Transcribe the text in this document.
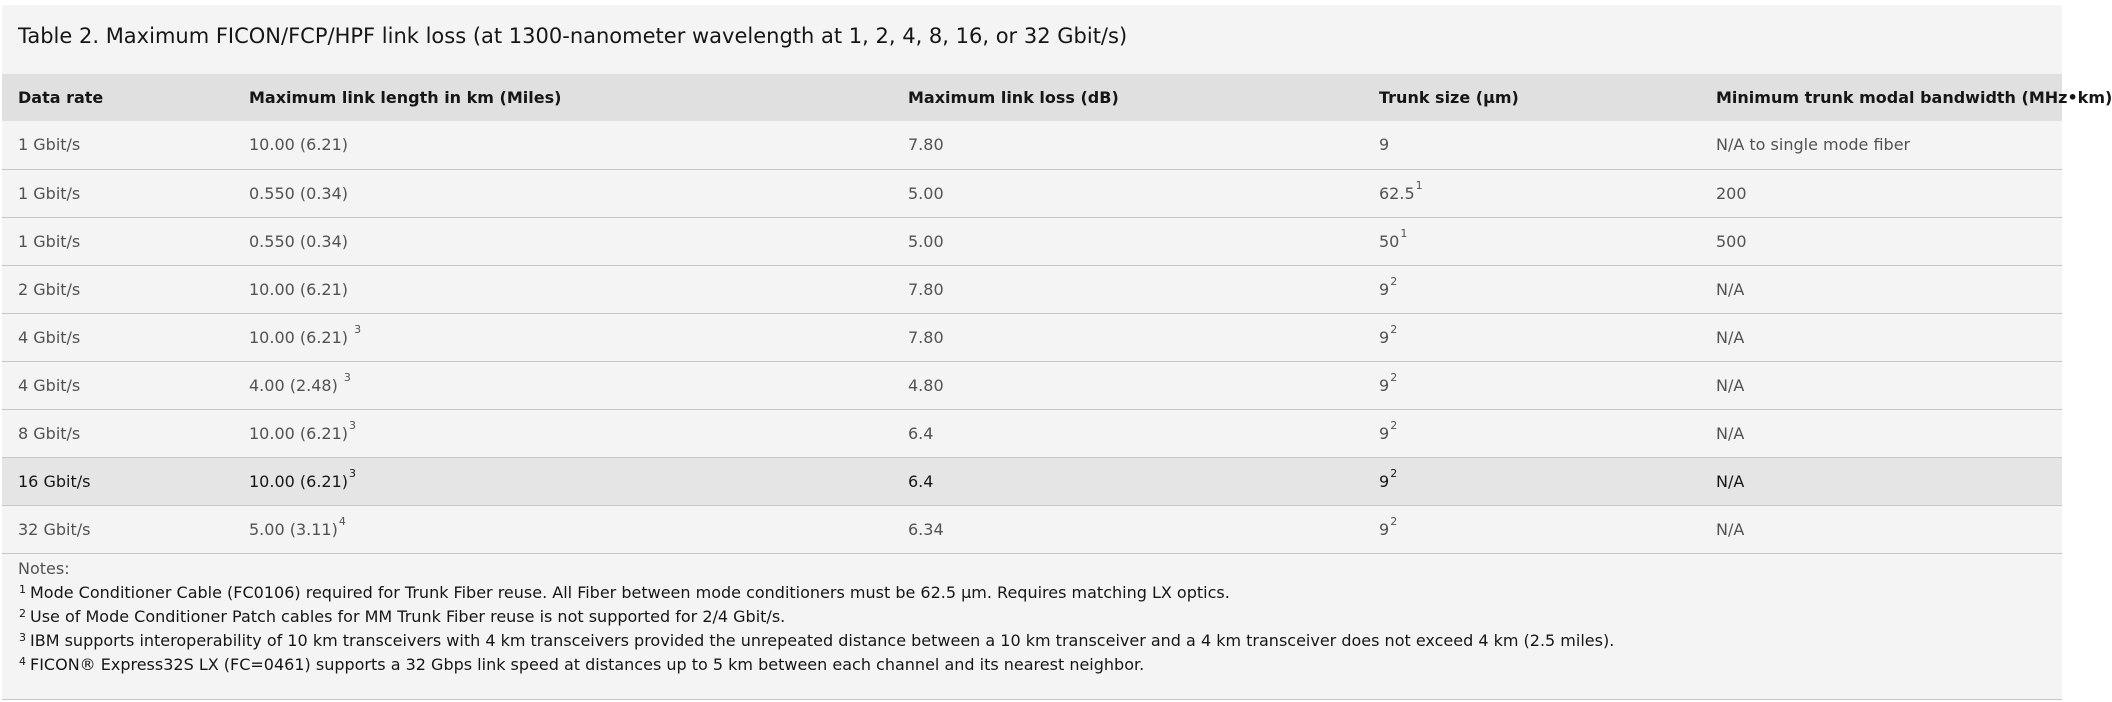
Table 2. Maximum FICON/FCP/HPF link loss (at 1300-nanometer wavelength at 1, 2, 4, 8, 16, or 32 Gbit/s)
Data rate	Maximum link length in km (Miles)	Maximum link loss (dB)	Trunk size (µm)	Minimum trunk modal bandwidth (MHz•km)
1 Gbit/s	10.00 (6.21)	7.80	9	N/A to single mode fiber
1 Gbit/s	0.550 (0.34)	5.00	62.5$^1$	200
1 Gbit/s	0.550 (0.34)	5.00	$50^1$	500
2 Gbit/s	10.00 (6.21)	7.80	$9^2$	N/A
4 Gbit/s	10.00 (6.21) $^3$	7.80	$9^2$	N/A
4 Gbit/s	4.00 (2.48) $^3$	4.80	$9^2$	N/A
8 Gbit/s	10.00 $(6.21)^3$	6.4	$9^2$	N/A
16 Gbit/s	10.00 $(6.21)^3$	6.4	$9^2$	N/A
32 Gbit/s	5.00 $(3.11)^4$	6.34	$9^2$	N/A
Notes:
$^1$ Mode Conditioner Cable (FC0106) required for Trunk Fiber reuse. All Fiber between mode conditioners must be 62.5 µm. Requires matching LX optics.
$^2$ Use of Mode Conditioner Patch cables for MM Trunk Fiber reuse is not supported for 2/4 Gbit/s.
$^3$ IBM supports interoperability of 10 km transceivers with 4 km transceivers provided the unrepeated distance between a 10 km transceiver and a 4 km transceiver does not exceed 4 km (2.5 miles).
$^4$ FICON® Express32S LX (FC=0461) supports a 32 Gbps link speed at distances up to 5 km between each channel and its nearest neighbor.
